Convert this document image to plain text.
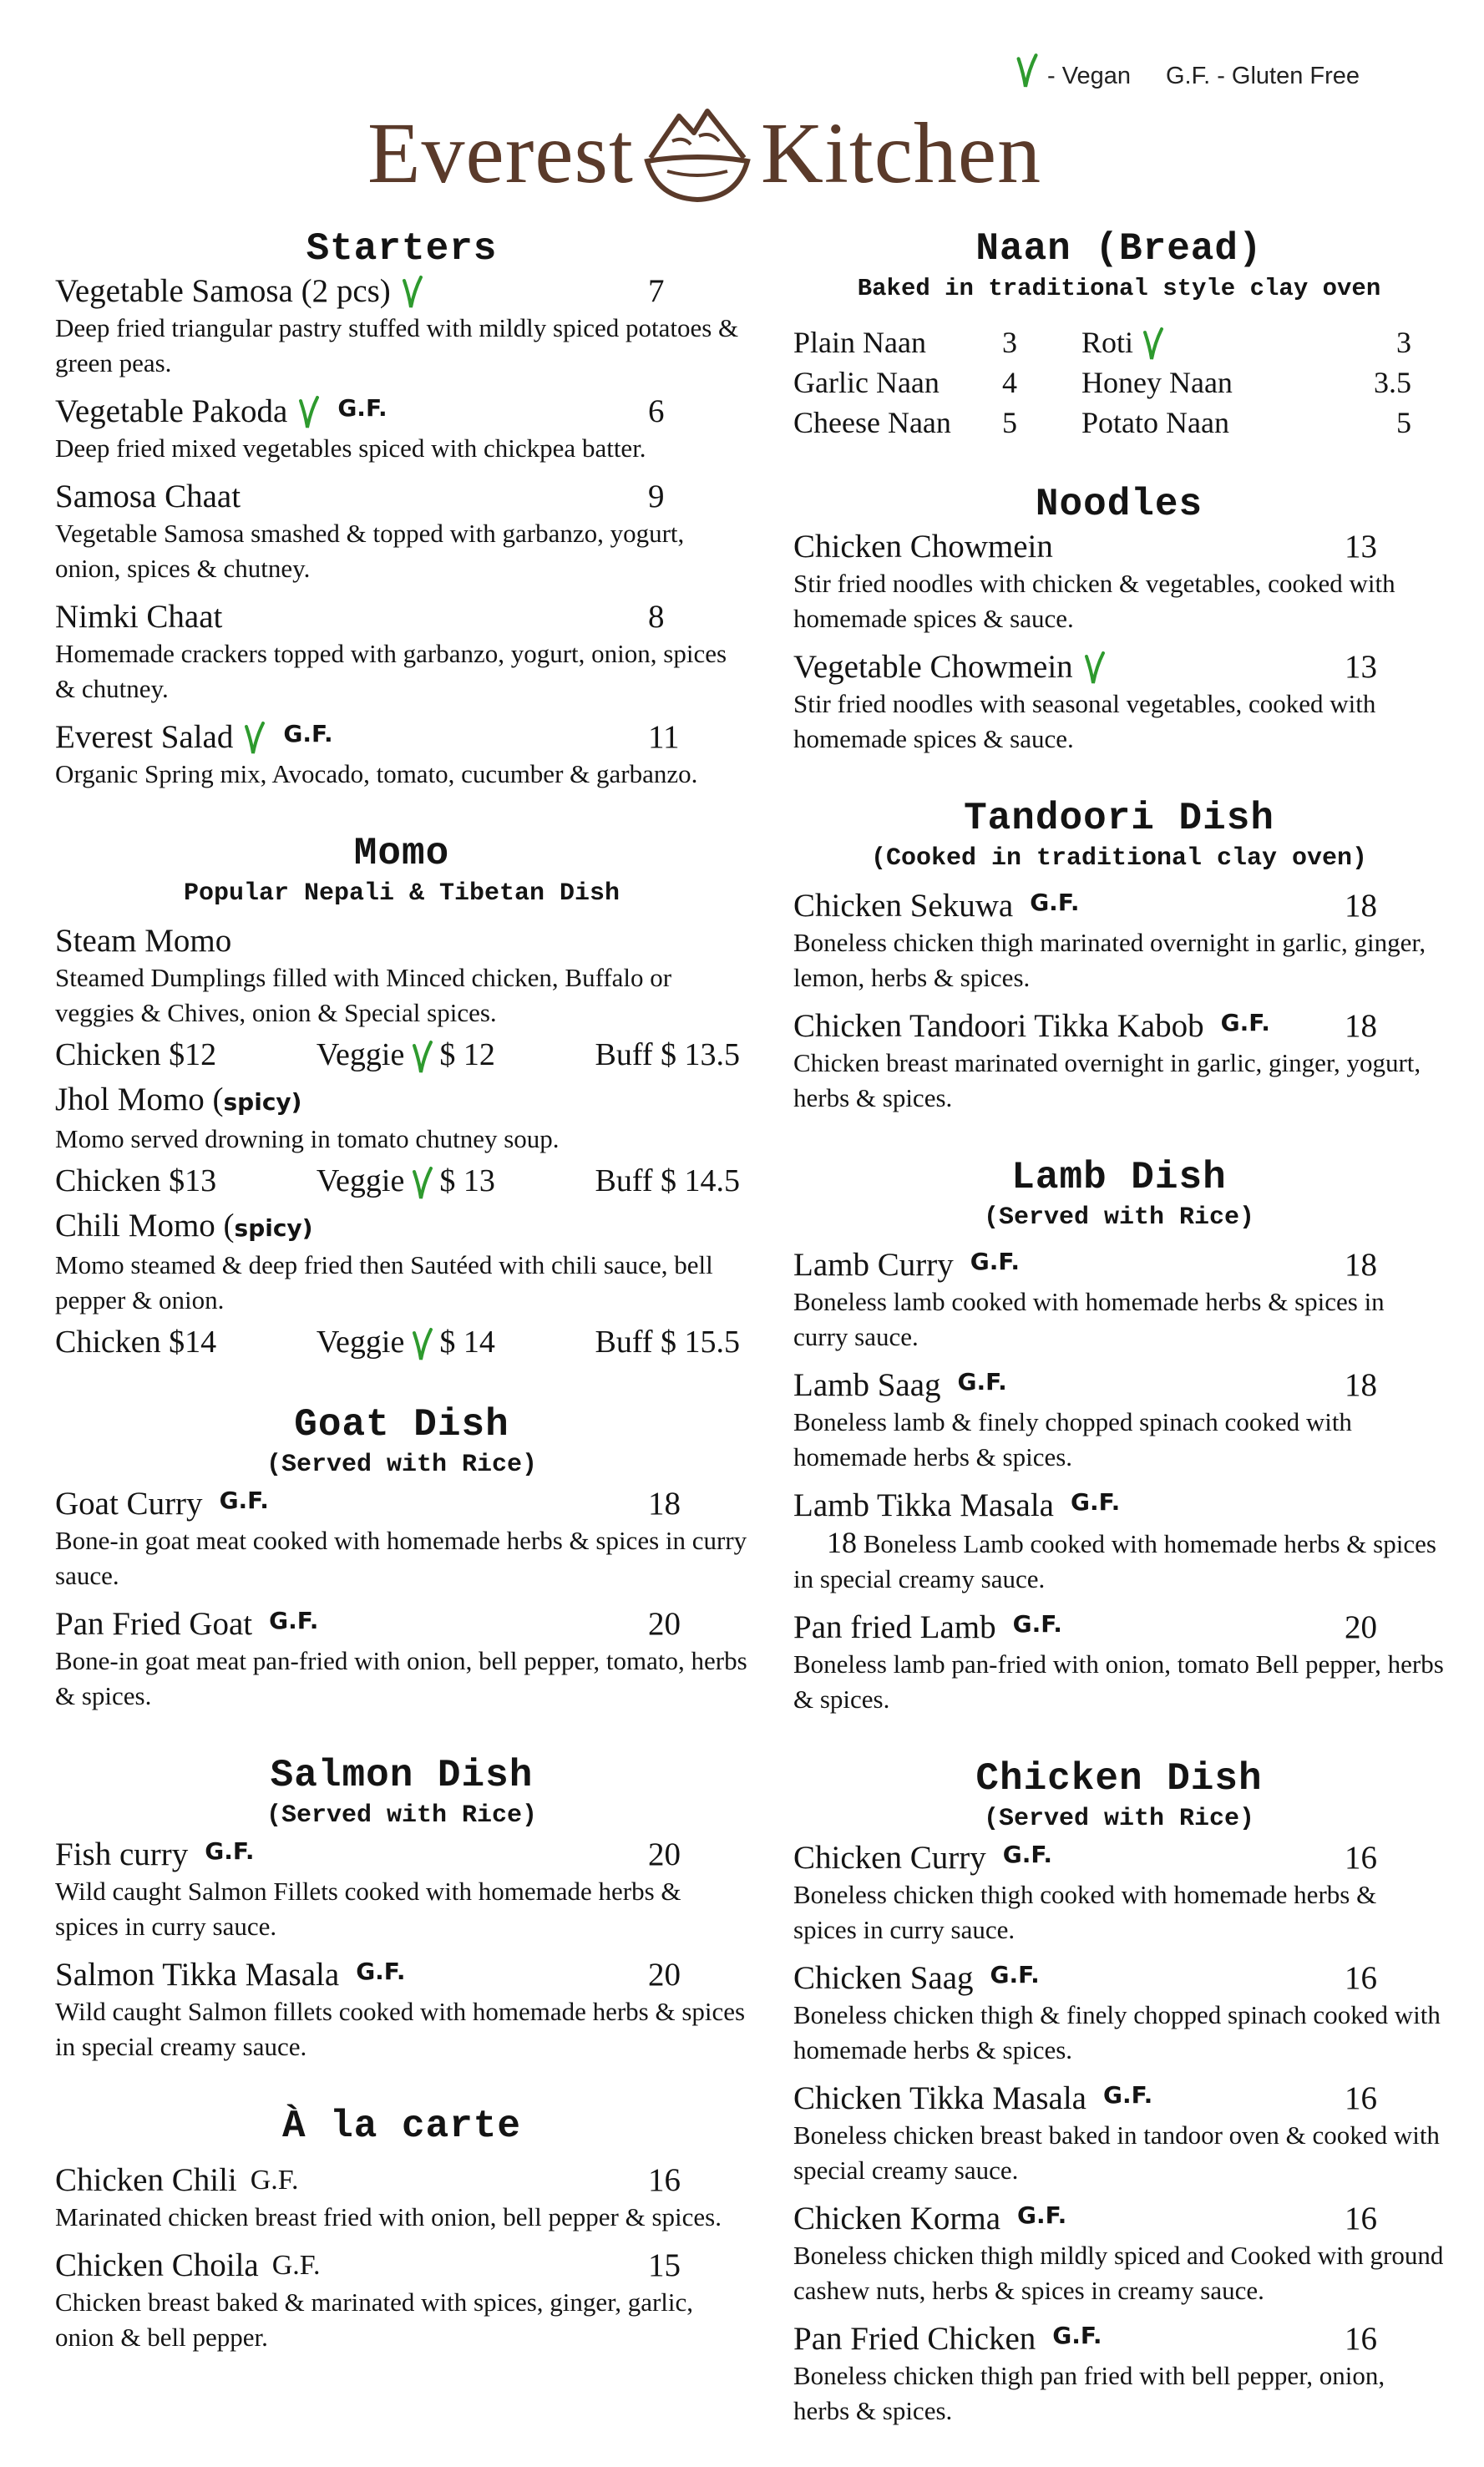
- Vegan G.F. - Gluten Free
Everest Kitchen
Starters
Vegetable Samosa (2 pcs)	7
Deep fried triangular pastry stuffed with mildly spiced potatoes & green peas.
Vegetable Pakoda G.F.	6
Deep fried mixed vegetables spiced with chickpea batter.
Samosa Chaat	9
Vegetable Samosa smashed & topped with garbanzo, yogurt, onion, spices & chutney.
Nimki Chaat	8
Homemade crackers topped with garbanzo, yogurt, onion, spices & chutney.
Everest Salad G.F.	11
Organic Spring mix, Avocado, tomato, cucumber & garbanzo.
Momo
Popular Nepali & Tibetan Dish
Steam Momo
Steamed Dumplings filled with Minced chicken, Buffalo or veggies & Chives, onion & Special spices.
Chicken $12	Veggie $ 12	Buff $ 13.5
Jhol Momo (spicy)
Momo served drowning in tomato chutney soup.
Chicken $13	Veggie $ 13	Buff $ 14.5
Chili Momo (spicy)
Momo steamed & deep fried then Sautéed with chili sauce, bell pepper & onion.
Chicken $14	Veggie $ 14	Buff $ 15.5
Goat Dish
(Served with Rice)
Goat Curry G.F.	18
Bone-in goat meat cooked with homemade herbs & spices in curry sauce.
Pan Fried Goat G.F.	20
Bone-in goat meat pan-fried with onion, bell pepper, tomato, herbs & spices.
Salmon Dish
(Served with Rice)
Fish curry G.F.	20
Wild caught Salmon Fillets cooked with homemade herbs & spices in curry sauce.
Salmon Tikka Masala G.F.	20
Wild caught Salmon fillets cooked with homemade herbs & spices in special creamy sauce.
À la carte
Chicken Chili G.F.	16
Marinated chicken breast fried with onion, bell pepper & spices.
Chicken Choila G.F.	15
Chicken breast baked & marinated with spices, ginger, garlic, onion & bell pepper.
Naan (Bread)
Baked in traditional style clay oven
Plain Naan	3	Roti	3
Garlic Naan	4	Honey Naan	3.5
Cheese Naan	5	Potato Naan	5
Noodles
Chicken Chowmein	13
Stir fried noodles with chicken & vegetables, cooked with homemade spices & sauce.
Vegetable Chowmein	13
Stir fried noodles with seasonal vegetables, cooked with homemade spices & sauce.
Tandoori Dish
(Cooked in traditional clay oven)
Chicken Sekuwa G.F.	18
Boneless chicken thigh marinated overnight in garlic, ginger, lemon, herbs & spices.
Chicken Tandoori Tikka Kabob G.F. 18
Chicken breast marinated overnight in garlic, ginger, yogurt, herbs & spices.
Lamb Dish
(Served with Rice)
Lamb Curry G.F.	18
Boneless lamb cooked with homemade herbs & spices in curry sauce.
Lamb Saag G.F.	18
Boneless lamb & finely chopped spinach cooked with homemade herbs & spices.
Lamb Tikka Masala G.F.
18 Boneless Lamb cooked with homemade herbs & spices in special creamy sauce.
Pan fried Lamb G.F.	20
Boneless lamb pan-fried with onion, tomato Bell pepper, herbs & spices.
Chicken Dish
(Served with Rice)
Chicken Curry G.F.	16
Boneless chicken thigh cooked with homemade herbs & spices in curry sauce.
Chicken Saag G.F.	16
Boneless chicken thigh & finely chopped spinach cooked with homemade herbs & spices.
Chicken Tikka Masala G.F.	16
Boneless chicken breast baked in tandoor oven & cooked with special creamy sauce.
Chicken Korma G.F.	16
Boneless chicken thigh mildly spiced and Cooked with ground cashew nuts, herbs & spices in creamy sauce.
Pan Fried Chicken G.F.	16
Boneless chicken thigh pan fried with bell pepper, onion, herbs & spices.
